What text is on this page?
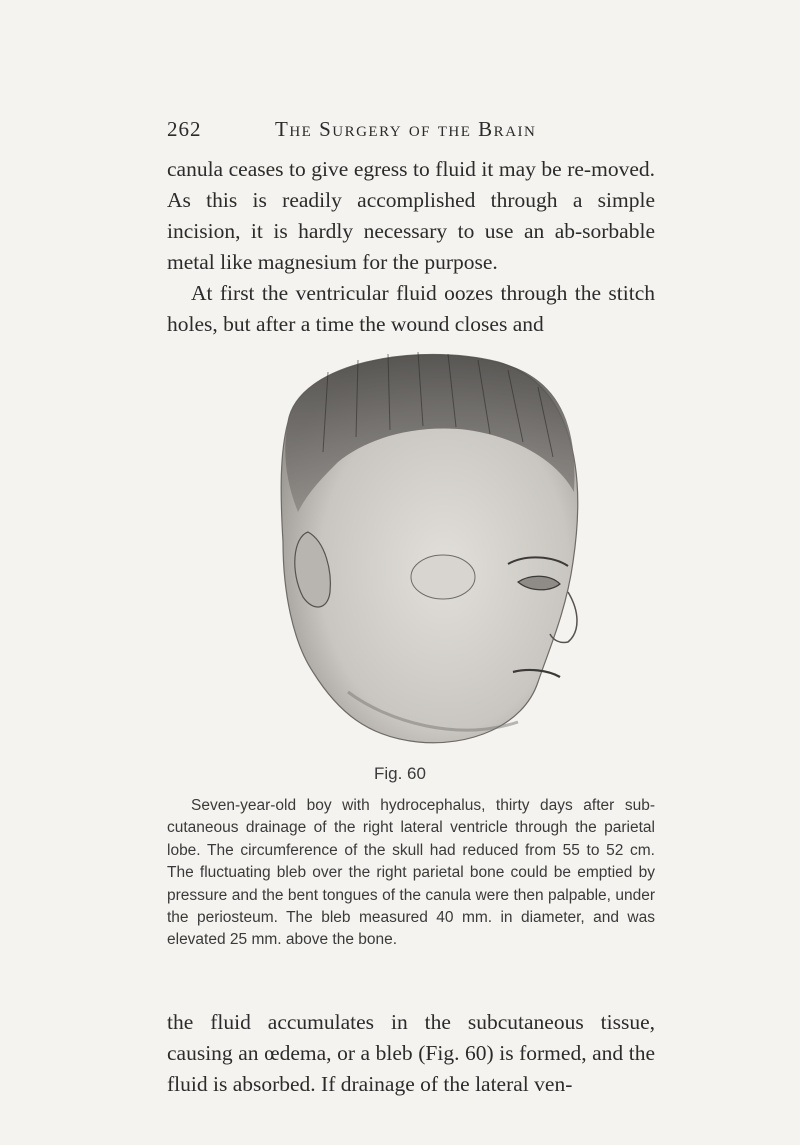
262	The Surgery of the Brain

canula ceases to give egress to fluid it may be re-moved. As this is readily accomplished through a simple incision, it is hardly necessary to use an ab-sorbable metal like magnesium for the purpose.

At first the ventricular fluid oozes through the stitch holes, but after a time the wound closes and

Fig. 60

Seven-year-old boy with hydrocephalus, thirty days after sub-cutaneous drainage of the right lateral ventricle through the parietal lobe. The circumference of the skull had reduced from 55 to 52 cm. The fluctuating bleb over the right parietal bone could be emptied by pressure and the bent tongues of the canula were then palpable, under the periosteum. The bleb measured 40 mm. in diameter, and was elevated 25 mm. above the bone.

the fluid accumulates in the subcutaneous tissue, causing an œdema, or a bleb (Fig. 60) is formed, and the fluid is absorbed. If drainage of the lateral ven-
